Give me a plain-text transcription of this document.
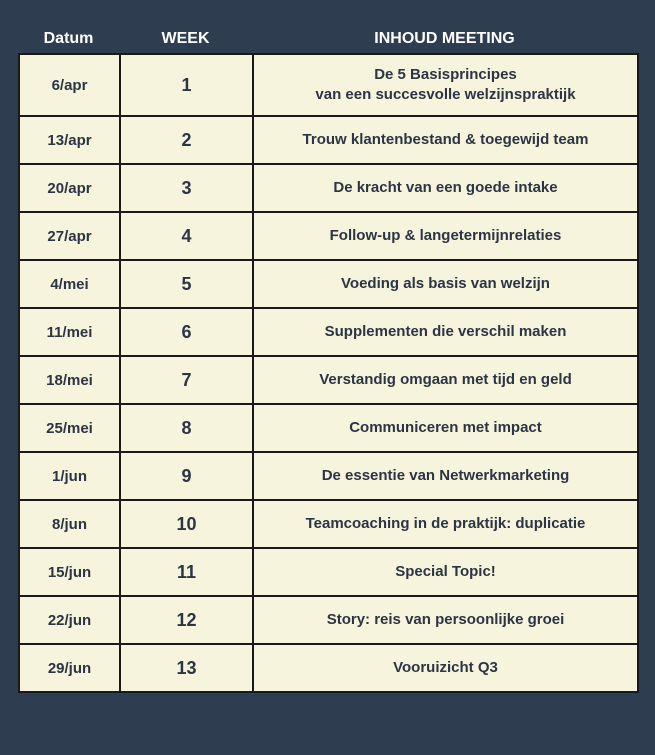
Datum	WEEK	INHOUD MEETING
6/apr	1	De 5 Basisprincipes
van een succesvolle welzijnspraktijk

13/apr	2	Trouw klantenbestand & toegewijd team

20/apr	3	De kracht van een goede intake

27/apr	4	Follow-up & langetermijnrelaties

4/mei	5	Voeding als basis van welzijn

11/mei	6	Supplementen die verschil maken

18/mei	7	Verstandig omgaan met tijd en geld

25/mei	8	Communiceren met impact

1/jun	9	De essentie van Netwerkmarketing

8/jun	10	Teamcoaching in de praktijk: duplicatie

15/jun	11	Special Topic!

22/jun	12	Story: reis van persoonlijke groei

29/jun	13	Vooruizicht Q3
